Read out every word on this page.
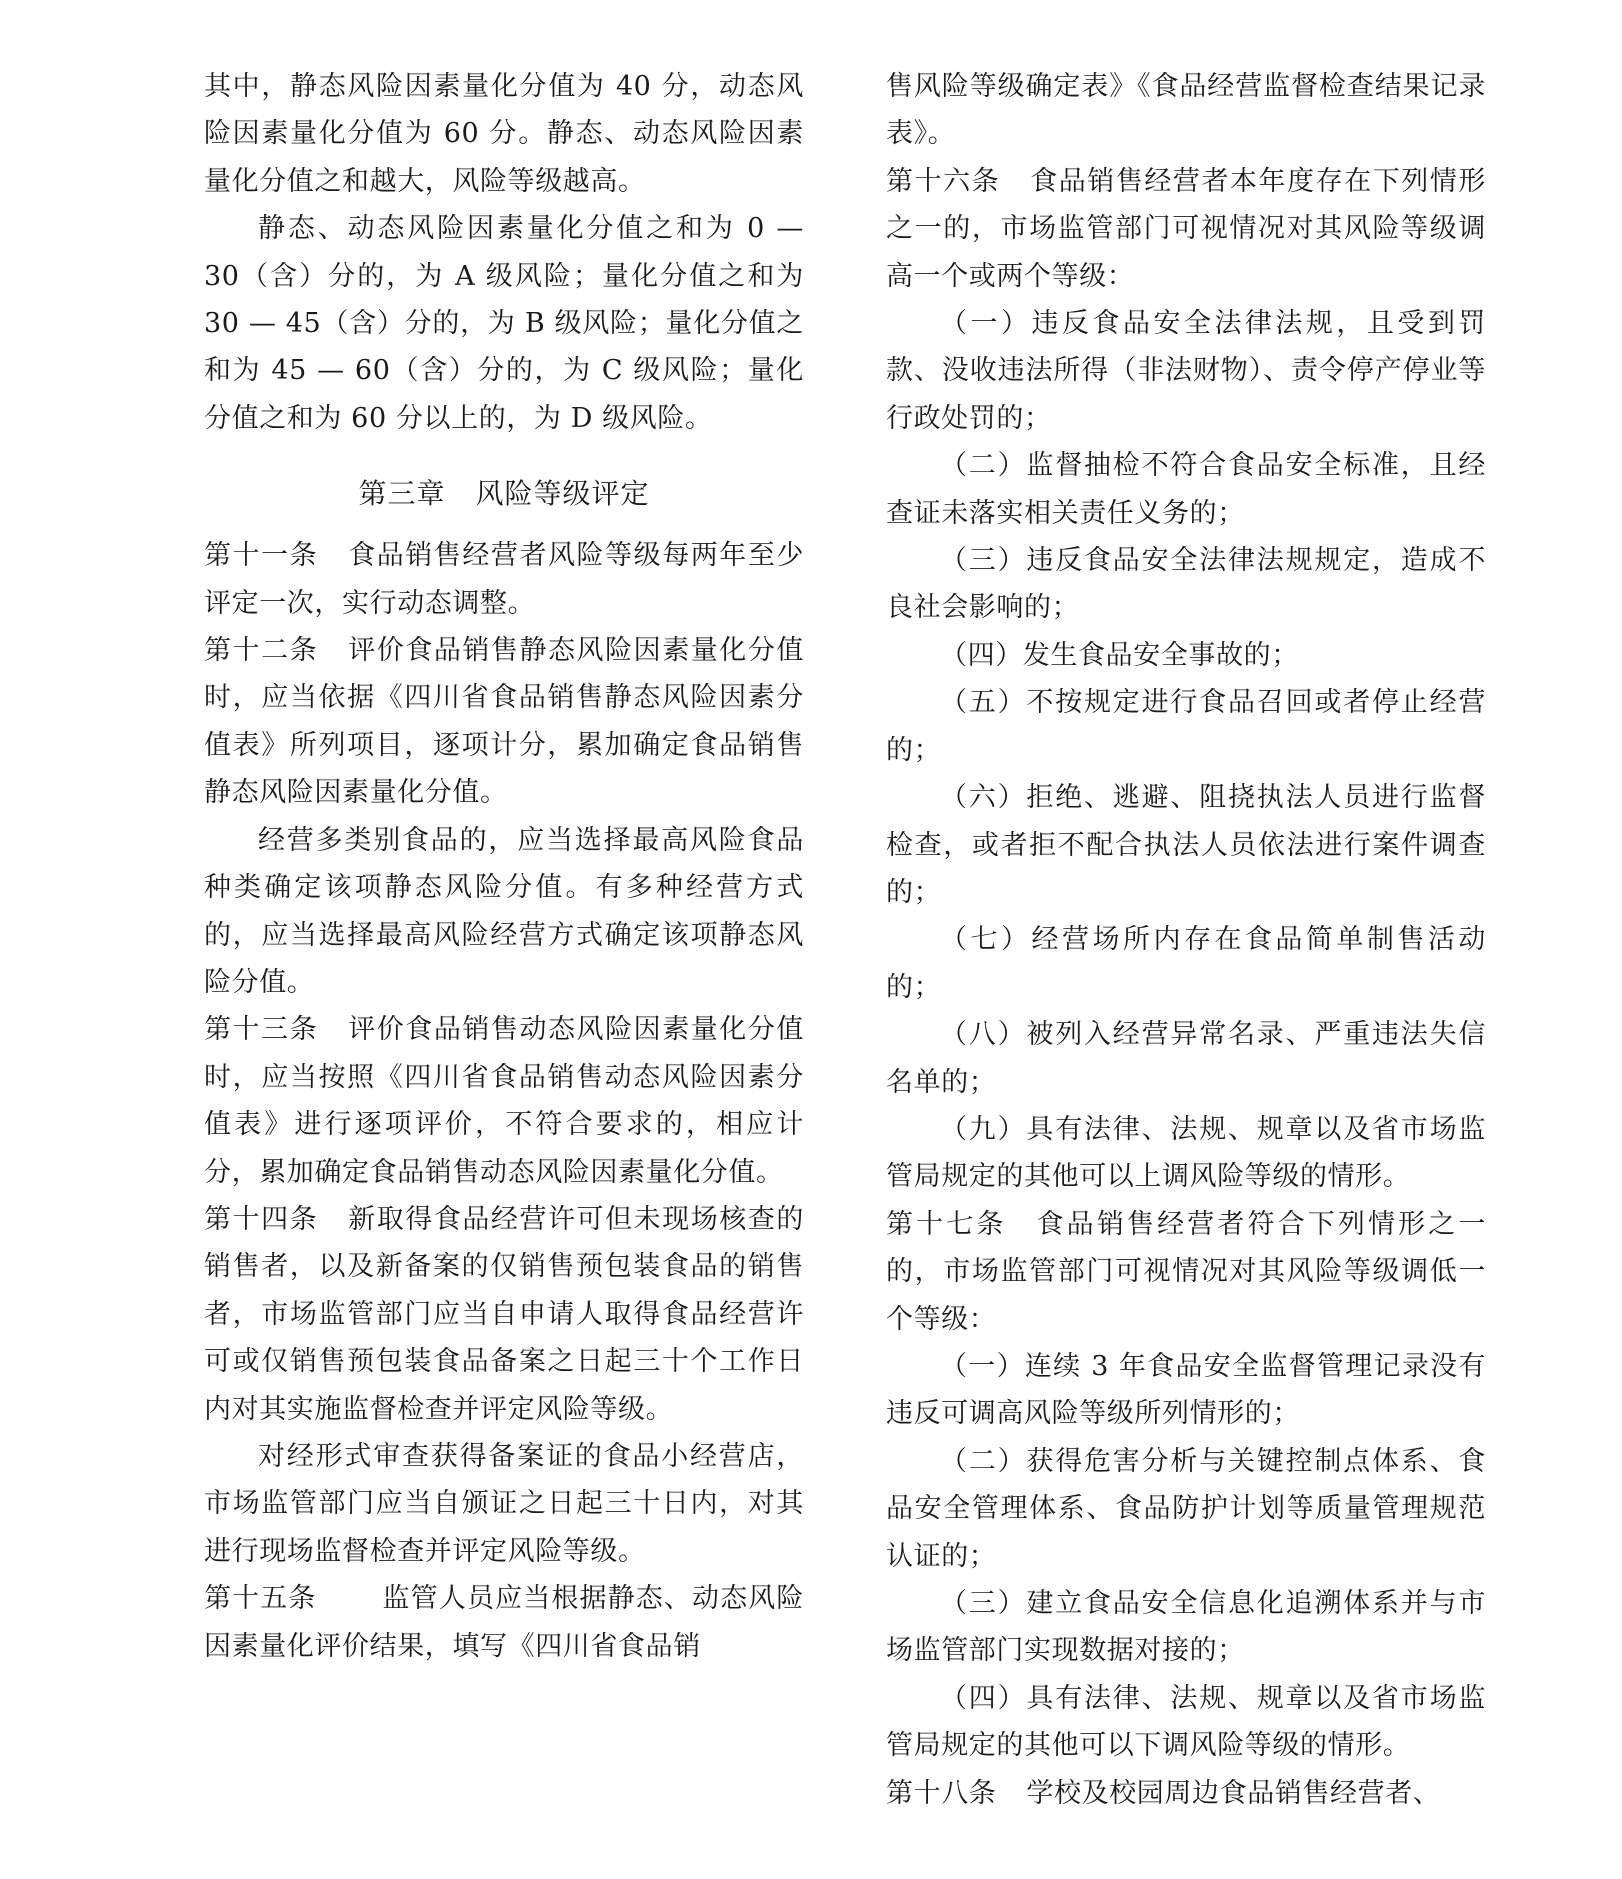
其中，静态风险因素量化分值为 40 分，动态风险因素量化分值为 60 分。静态、动态风险因素量化分值之和越大，风险等级越高。

静态、动态风险因素量化分值之和为 0 — 30（含）分的，为 A 级风险；量化分值之和为 30 — 45（含）分的，为 B 级风险；量化分值之和为 45 — 60（含）分的，为 C 级风险；量化分值之和为 60 分以上的，为 D 级风险。

第三章 风险等级评定

第十一条 食品销售经营者风险等级每两年至少评定一次，实行动态调整。

第十二条 评价食品销售静态风险因素量化分值时，应当依据《四川省食品销售静态风险因素分值表》所列项目，逐项计分，累加确定食品销售静态风险因素量化分值。

经营多类别食品的，应当选择最高风险食品种类确定该项静态风险分值。有多种经营方式的，应当选择最高风险经营方式确定该项静态风险分值。

第十三条 评价食品销售动态风险因素量化分值时，应当按照《四川省食品销售动态风险因素分值表》进行逐项评价，不符合要求的，相应计分，累加确定食品销售动态风险因素量化分值。

第十四条 新取得食品经营许可但未现场核查的销售者，以及新备案的仅销售预包装食品的销售者，市场监管部门应当自申请人取得食品经营许可或仅销售预包装食品备案之日起三十个工作日内对其实施监督检查并评定风险等级。

对经形式审查获得备案证的食品小经营店，市场监管部门应当自颁证之日起三十日内，对其进行现场监督检查并评定风险等级。

第十五条 监管人员应当根据静态、动态风险因素量化评价结果，填写《四川省食品销

售风险等级确定表》《食品经营监督检查结果记录表》。

第十六条 食品销售经营者本年度存在下列情形之一的，市场监管部门可视情况对其风险等级调高一个或两个等级：

（一）违反食品安全法律法规，且受到罚款、没收违法所得（非法财物）、责令停产停业等行政处罚的；

（二）监督抽检不符合食品安全标准，且经查证未落实相关责任义务的；

（三）违反食品安全法律法规规定，造成不良社会影响的；

（四）发生食品安全事故的；

（五）不按规定进行食品召回或者停止经营的；

（六）拒绝、逃避、阻挠执法人员进行监督检查，或者拒不配合执法人员依法进行案件调查的；

（七）经营场所内存在食品简单制售活动的；

（八）被列入经营异常名录、严重违法失信名单的；

（九）具有法律、法规、规章以及省市场监管局规定的其他可以上调风险等级的情形。

第十七条 食品销售经营者符合下列情形之一的，市场监管部门可视情况对其风险等级调低一个等级：

（一）连续 3 年食品安全监督管理记录没有违反可调高风险等级所列情形的；

（二）获得危害分析与关键控制点体系、食品安全管理体系、食品防护计划等质量管理规范认证的；

（三）建立食品安全信息化追溯体系并与市场监管部门实现数据对接的；

（四）具有法律、法规、规章以及省市场监管局规定的其他可以下调风险等级的情形。

第十八条 学校及校园周边食品销售经营者、
